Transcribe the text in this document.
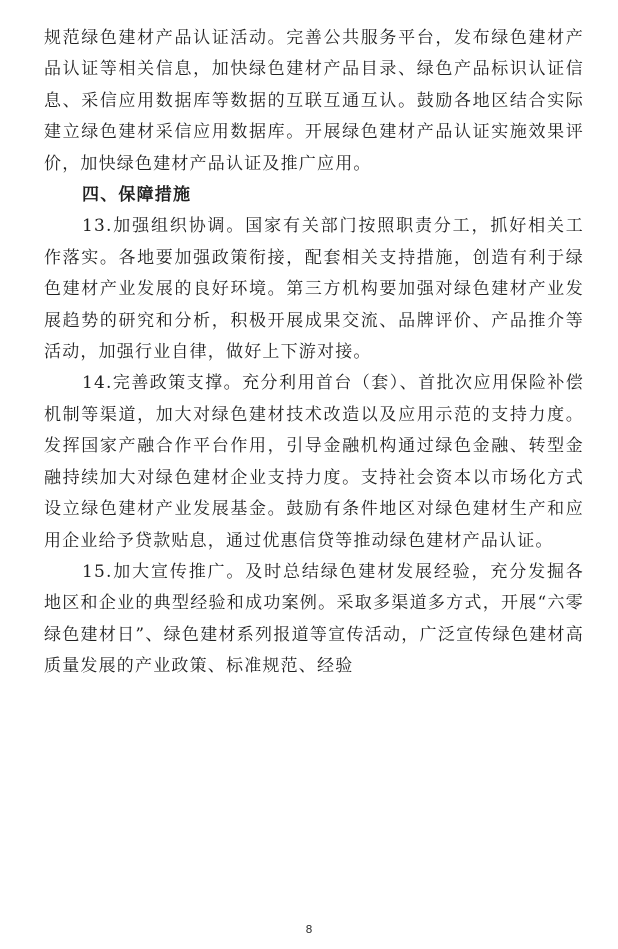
规范绿色建材产品认证活动。完善公共服务平台，发布绿色建材产品认证等相关信息，加快绿色建材产品目录、绿色产品标识认证信息、采信应用数据库等数据的互联互通互认。鼓励各地区结合实际建立绿色建材采信应用数据库。开展绿色建材产品认证实施效果评价，加快绿色建材产品认证及推广应用。

四、保障措施

13.加强组织协调。国家有关部门按照职责分工，抓好相关工作落实。各地要加强政策衔接，配套相关支持措施，创造有利于绿色建材产业发展的良好环境。第三方机构要加强对绿色建材产业发展趋势的研究和分析，积极开展成果交流、品牌评价、产品推介等活动，加强行业自律，做好上下游对接。

14.完善政策支撑。充分利用首台（套）、首批次应用保险补偿机制等渠道，加大对绿色建材技术改造以及应用示范的支持力度。发挥国家产融合作平台作用，引导金融机构通过绿色金融、转型金融持续加大对绿色建材企业支持力度。支持社会资本以市场化方式设立绿色建材产业发展基金。鼓励有条件地区对绿色建材生产和应用企业给予贷款贴息，通过优惠信贷等推动绿色建材产品认证。

15.加大宣传推广。及时总结绿色建材发展经验，充分发掘各地区和企业的典型经验和成功案例。采取多渠道多方式，开展“六零绿色建材日”、绿色建材系列报道等宣传活动，广泛宣传绿色建材高质量发展的产业政策、标准规范、经验

8
